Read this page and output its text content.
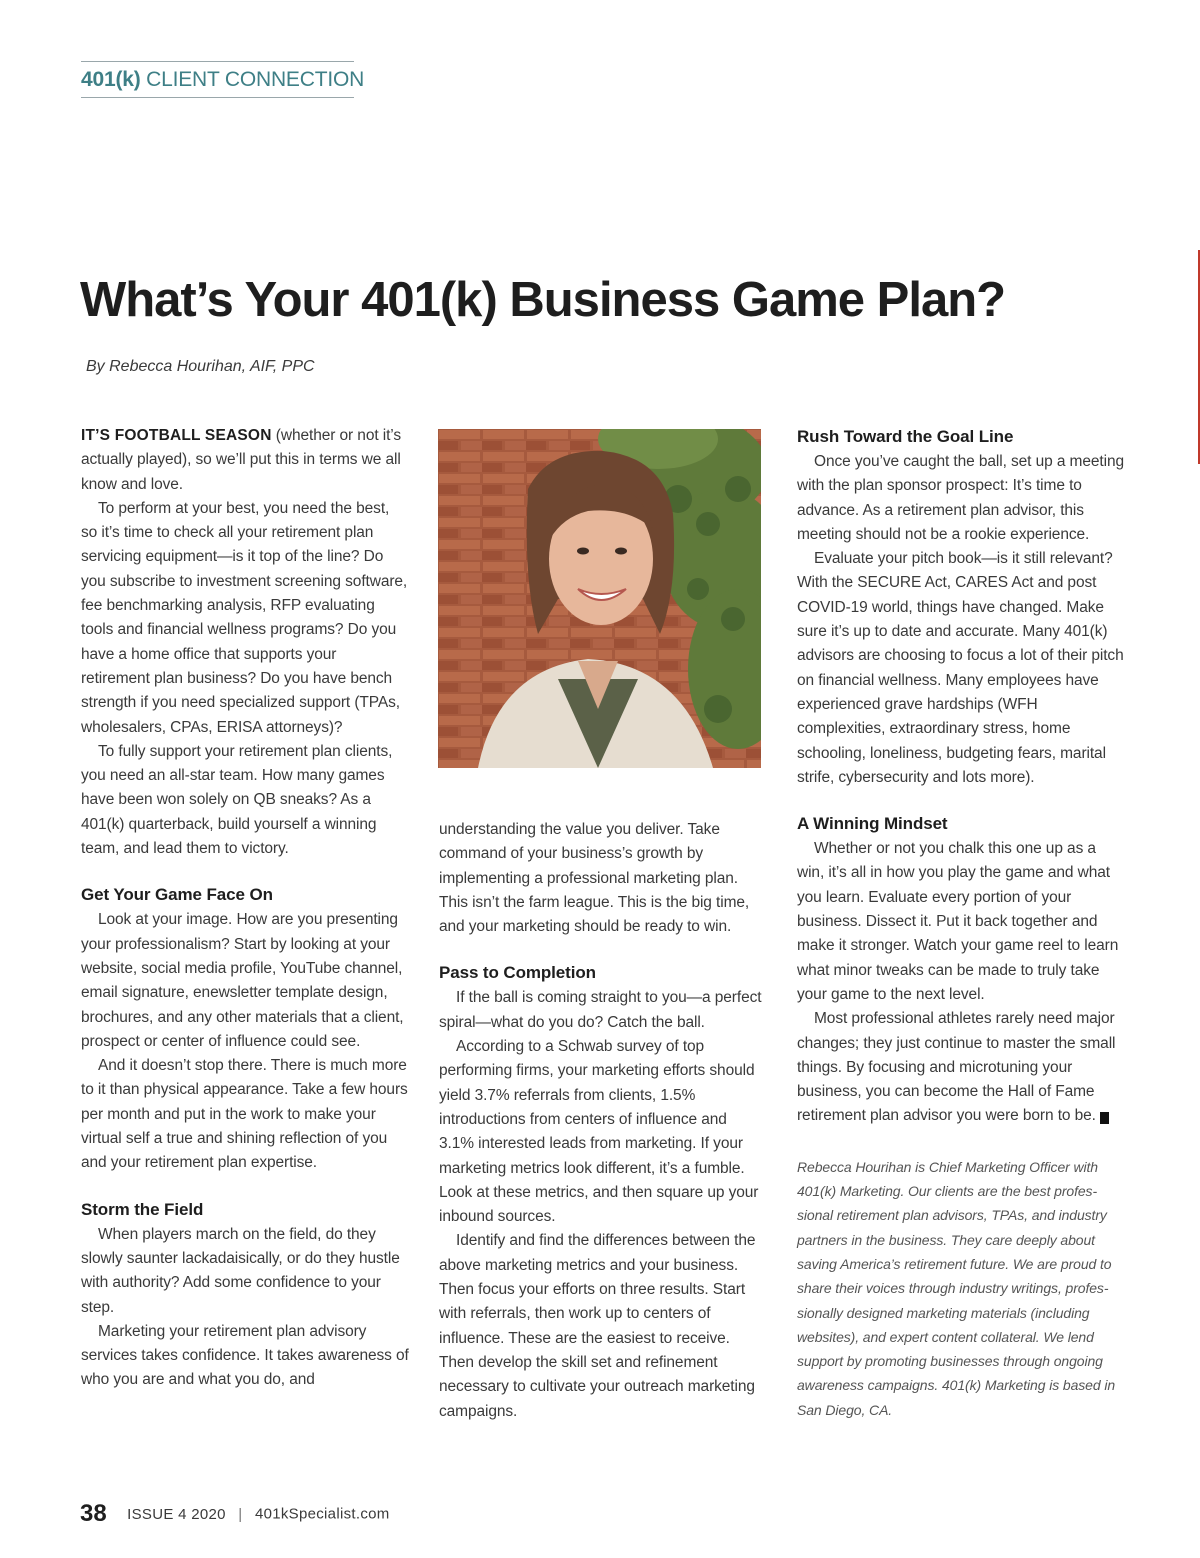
401(k) CLIENT CONNECTION
What’s Your 401(k) Business Game Plan?
By Rebecca Hourihan, AIF, PPC

IT’S FOOTBALL SEASON (whether or not it’s actually played), so we’ll put this in terms we all know and love.

To perform at your best, you need the best, so it’s time to check all your retirement plan servicing equipment—is it top of the line? Do you subscribe to investment screening software, fee benchmarking analysis, RFP evaluating tools and financial wellness programs? Do you have a home office that supports your retirement plan business? Do you have bench strength if you need specialized support (TPAs, wholesalers, CPAs, ERISA attorneys)?

To fully support your retirement plan clients, you need an all-star team. How many games have been won solely on QB sneaks? As a 401(k) quarterback, build yourself a winning team, and lead them to victory.

Get Your Game Face On

Look at your image. How are you presenting your professionalism? Start by looking at your website, social media profile, YouTube channel, email signature, enewsletter template design, brochures, and any other materials that a client, prospect or center of influence could see.

And it doesn’t stop there. There is much more to it than physical appearance. Take a few hours per month and put in the work to make your virtual self a true and shining reflection of you and your retirement plan expertise.

Storm the Field

When players march on the field, do they slowly saunter lackadaisically, or do they hustle with authority? Add some confidence to your step.

Marketing your retirement plan advisory services takes confidence. It takes awareness of who you are and what you do, and

understanding the value you deliver. Take command of your business’s growth by implementing a professional marketing plan. This isn’t the farm league. This is the big time, and your marketing should be ready to win.

Pass to Completion

If the ball is coming straight to you—a perfect spiral—what do you do? Catch the ball.

According to a Schwab survey of top performing firms, your marketing efforts should yield 3.7% referrals from clients, 1.5% introductions from centers of influence and 3.1% interested leads from marketing. If your marketing metrics look different, it’s a fumble. Look at these metrics, and then square up your inbound sources.

Identify and find the differences between the above marketing metrics and your business. Then focus your efforts on three results. Start with referrals, then work up to centers of influence. These are the easiest to receive. Then develop the skill set and refinement necessary to cultivate your outreach marketing campaigns.

Rush Toward the Goal Line

Once you’ve caught the ball, set up a meeting with the plan sponsor prospect: It’s time to advance. As a retirement plan advisor, this meeting should not be a rookie experience.

Evaluate your pitch book—is it still relevant? With the SECURE Act, CARES Act and post COVID-19 world, things have changed. Make sure it’s up to date and accurate. Many 401(k) advisors are choosing to focus a lot of their pitch on financial wellness. Many employees have experienced grave hardships (WFH complexities, extraordinary stress, home schooling, loneliness, budgeting fears, marital strife, cybersecurity and lots more).

A Winning Mindset

Whether or not you chalk this one up as a win, it’s all in how you play the game and what you learn. Evaluate every portion of your business. Dissect it. Put it back together and make it stronger. Watch your game reel to learn what minor tweaks can be made to truly take your game to the next level.

Most professional athletes rarely need major changes; they just continue to master the small things. By focusing and microtuning your business, you can become the Hall of Fame retirement plan advisor you were born to be. K

Rebecca Hourihan is Chief Marketing Officer with 401(k) Marketing. Our clients are the best professional retirement plan advisors, TPAs, and industry partners in the business. They care deeply about saving America’s retirement future. We are proud to share their voices through industry writings, professionally designed marketing materials (including websites), and expert content collateral. We lend support by promoting businesses through ongoing awareness campaigns. 401(k) Marketing is based in San Diego, CA.
38 ISSUE 4 2020 | 401kSpecialist.com
